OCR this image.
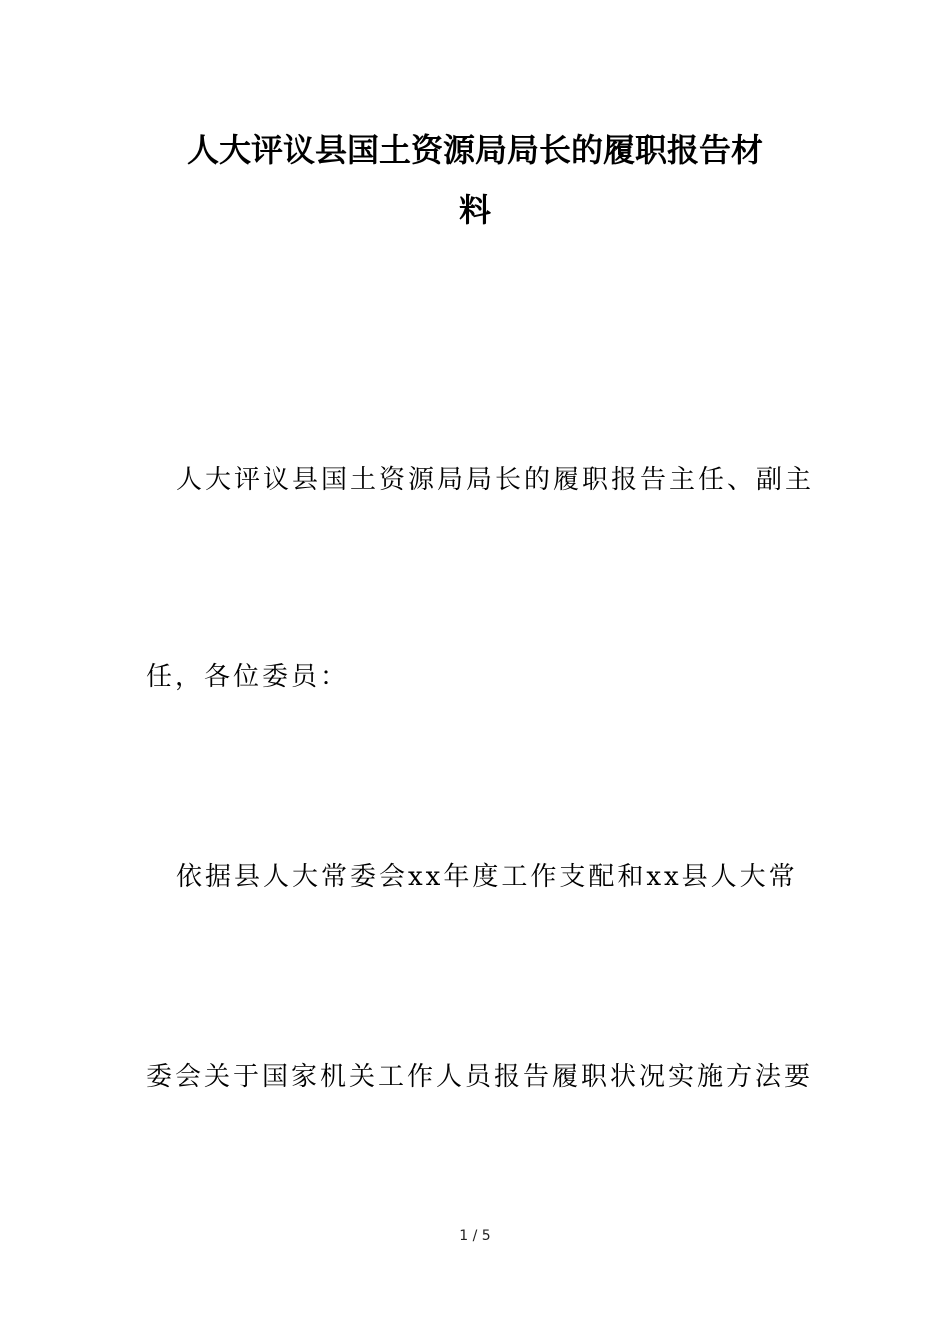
人大评议县国土资源局局长的履职报告材
料

人大评议县国土资源局局长的履职报告主任、副主

任，各位委员：

依据县人大常委会xx年度工作支配和xx县人大常

委会关于国家机关工作人员报告履职状况实施方法要

1 / 5
